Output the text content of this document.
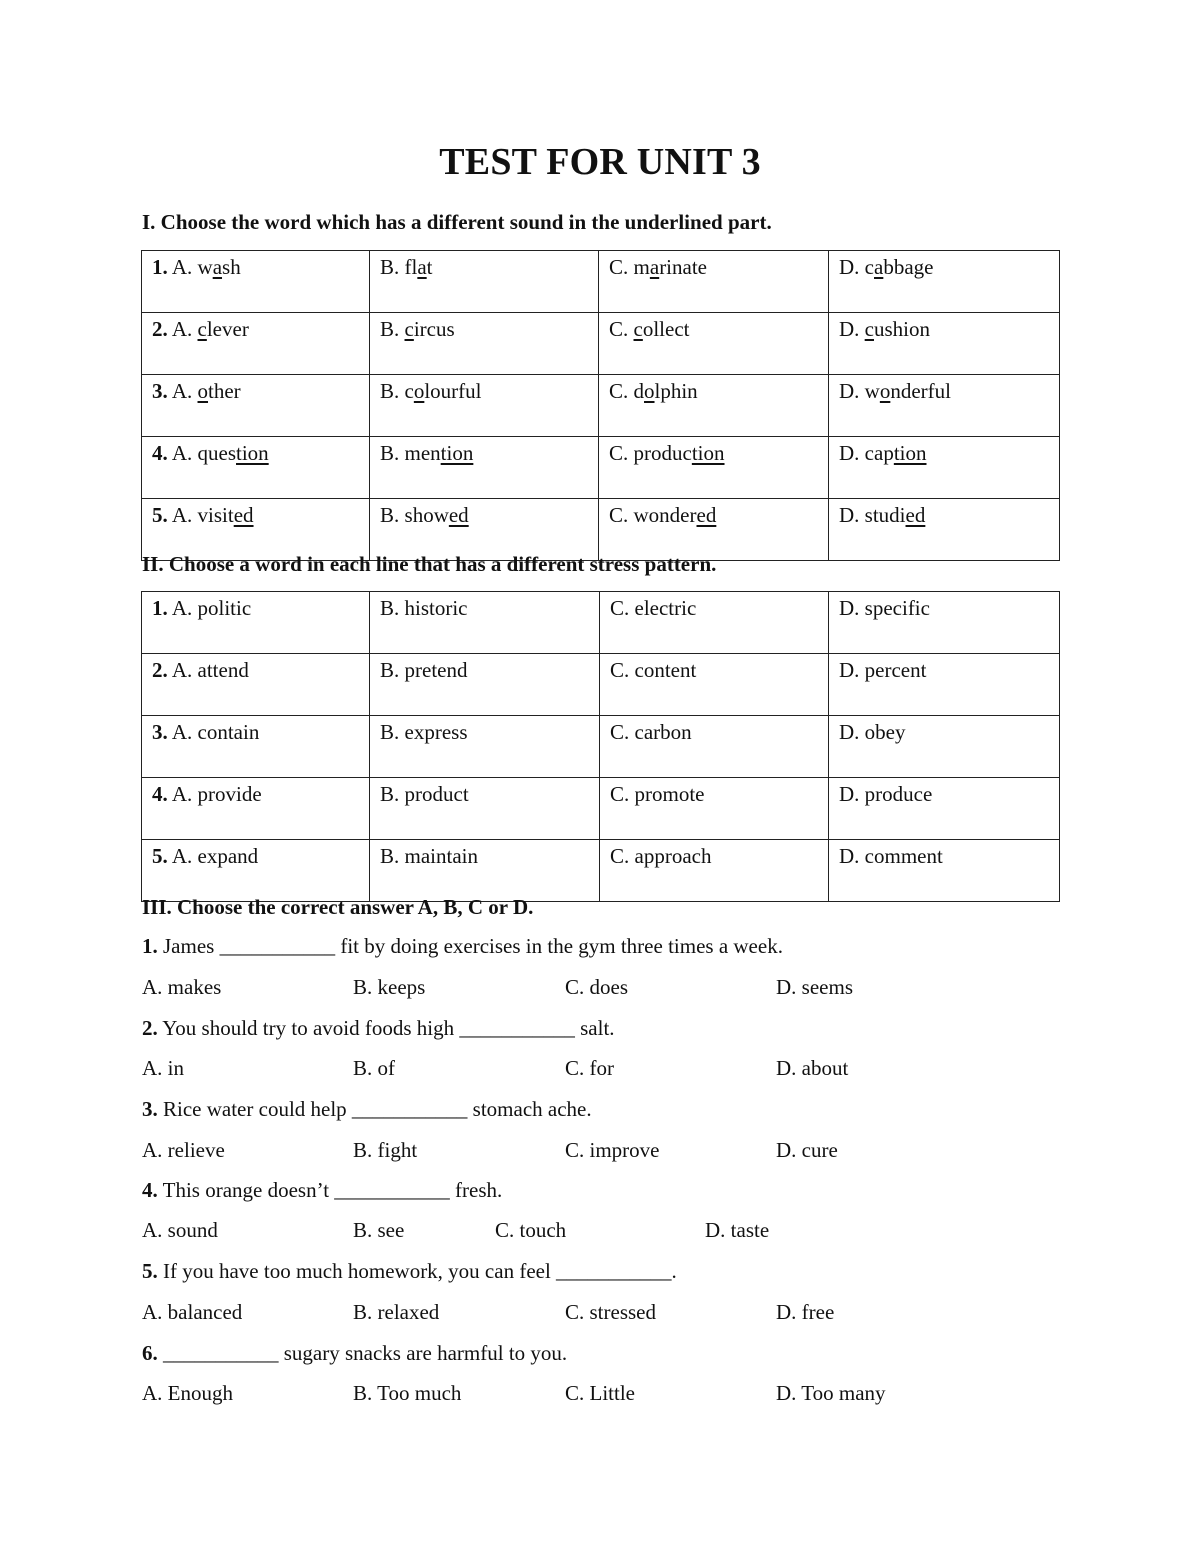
TEST FOR UNIT 3

I. Choose the word which has a different sound in the underlined part.

1. A. wash	B. flat	C. marinate	D. cabbage
2. A. clever	B. circus	C. collect	D. cushion
3. A. other	B. colourful	C. dolphin	D. wonderful
4. A. question	B. mention	C. production	D. caption
5. A. visited	B. showed	C. wondered	D. studied

II. Choose a word in each line that has a different stress pattern.

1. A. politic	B. historic	C. electric	D. specific
2. A. attend	B. pretend	C. content	D. percent
3. A. contain	B. express	C. carbon	D. obey
4. A. provide	B. product	C. promote	D. produce
5. A. expand	B. maintain	C. approach	D. comment

III. Choose the correct answer A, B, C or D.

1. James ___________ fit by doing exercises in the gym three times a week.
A. makes	B. keeps	C. does	D. seems
2. You should try to avoid foods high ___________ salt.
A. in	B. of	C. for	D. about
3. Rice water could help ___________ stomach ache.
A. relieve	B. fight	C. improve	D. cure
4. This orange doesn’t ___________ fresh.
A. sound	B. see	C. touch	D. taste
5. If you have too much homework, you can feel ___________.
A. balanced	B. relaxed	C. stressed	D. free
6. ___________ sugary snacks are harmful to you.
A. Enough	B. Too much	C. Little	D. Too many
